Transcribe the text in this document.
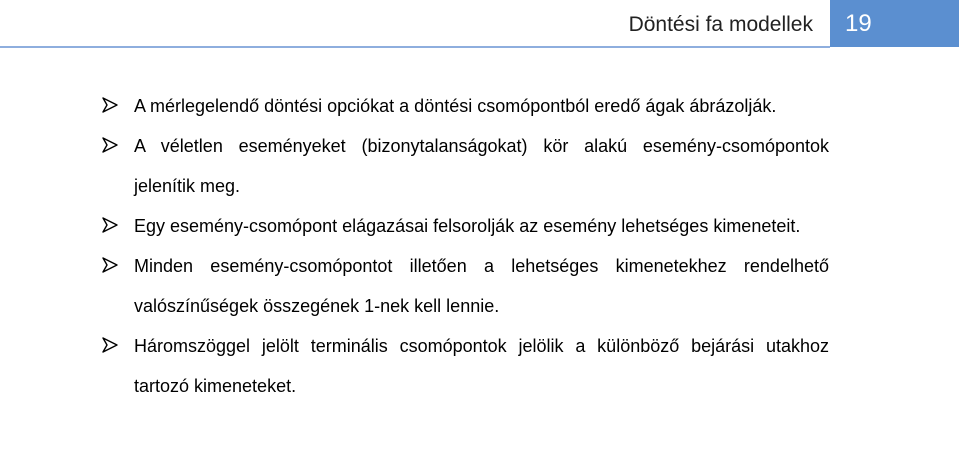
Döntési fa modellek	19
A mérlegelendő döntési opciókat a döntési csomópontból eredő ágak ábrázolják.
A véletlen eseményeket (bizonytalanságokat) kör alakú esemény-csomópontok jelenítik meg.
Egy esemény-csomópont elágazásai felsorolják az esemény lehetséges kimeneteit.
Minden esemény-csomópontot illetően a lehetséges kimenetekhez rendelhető valószínűségek összegének 1-nek kell lennie.
Háromszöggel jelölt terminális csomópontok jelölik a különböző bejárási utakhoz tartozó kimeneteket.
